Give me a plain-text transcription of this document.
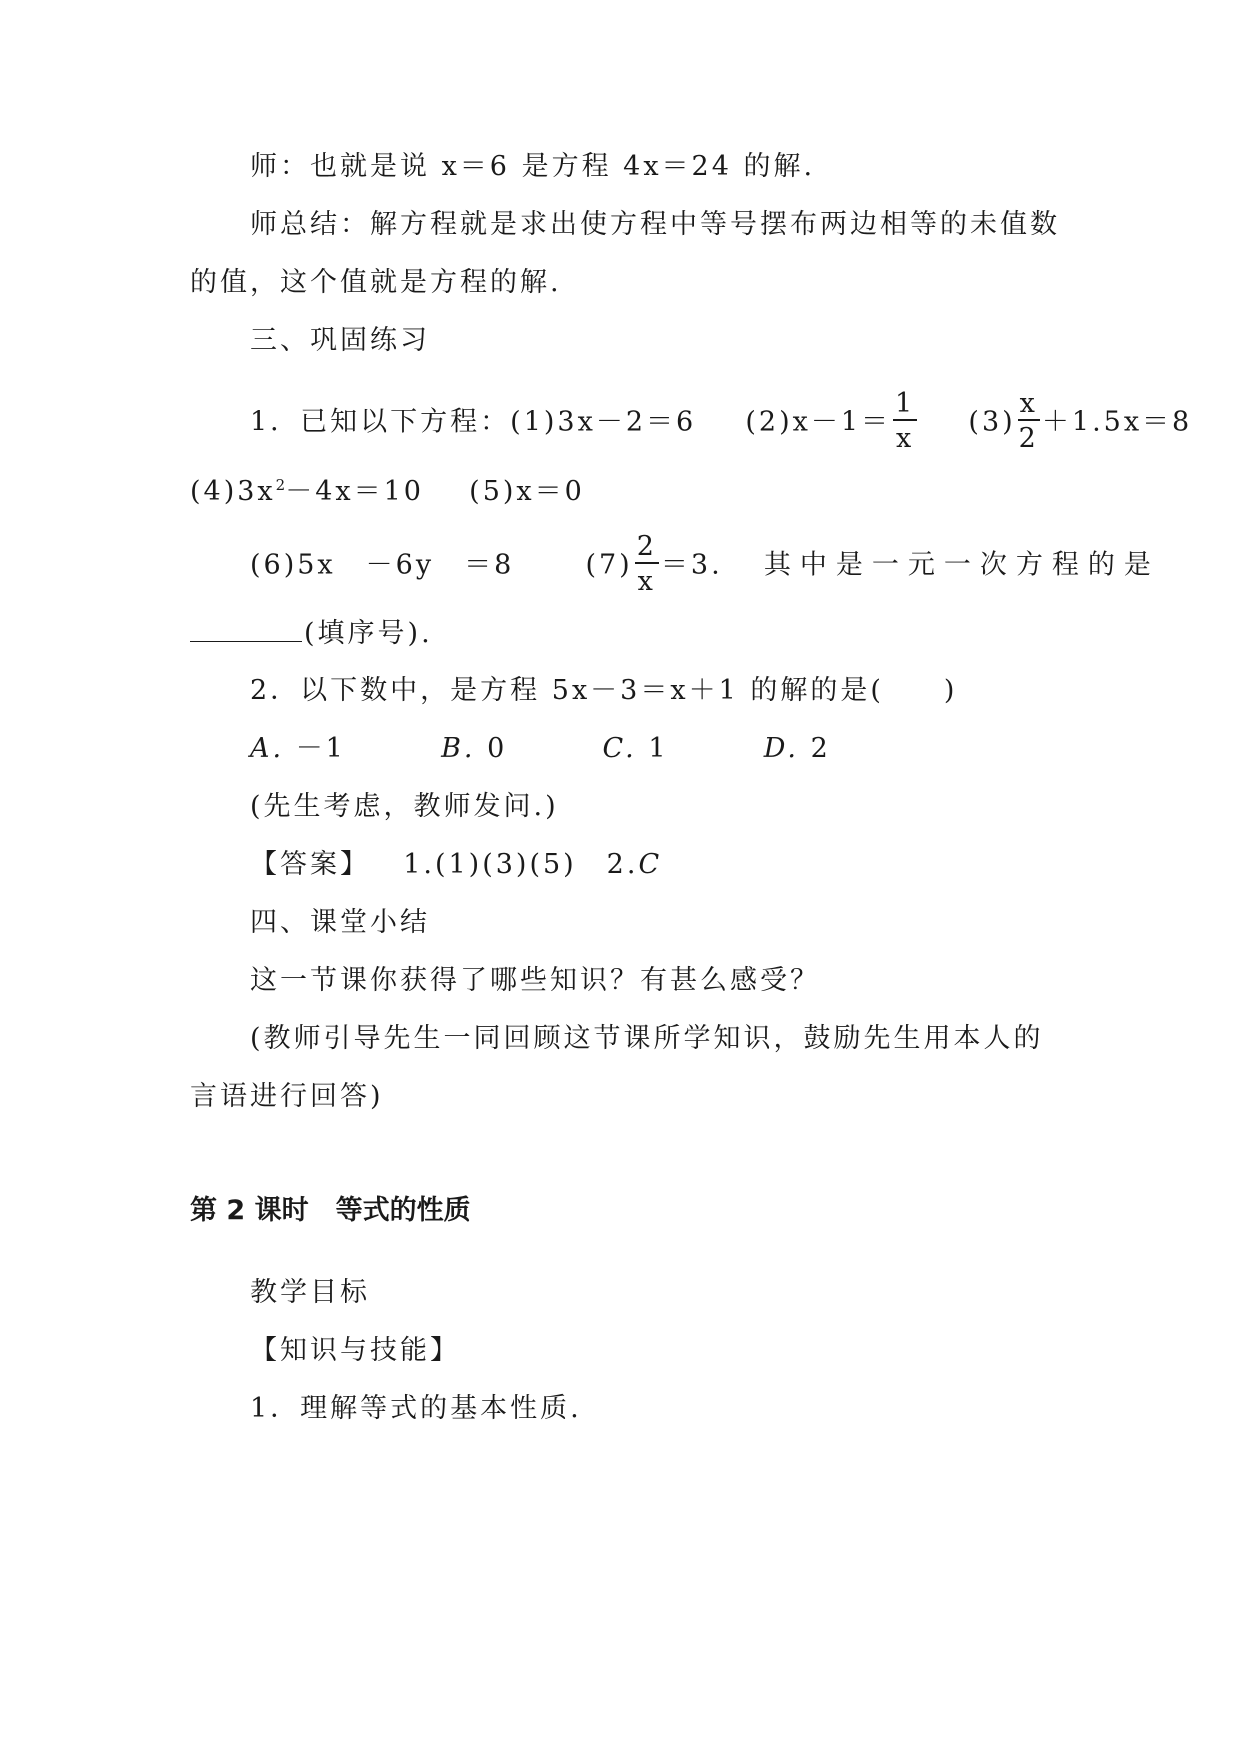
师：也就是说 x＝6 是方程 4x＝24 的解.
师总结：解方程就是求出使方程中等号摆布两边相等的未值数
的值，这个值就是方程的解.
三、巩固练习
1．已知以下方程：(1)3x－2＝6 $(2)x-1= \frac{1}{x} (3) \frac{x}{2} +1.5x=8$
$(4)3x^2-4x=10$ (5)x＝0
(6)5x　－6y　＝8	$(7) \frac{2}{x} =3$. 其中是一元一次方程的是
(填序号).
2．以下数中，是方程 5x－3＝x＋1 的解的是(　　)
A. －1	B. 0	C. 1	D. 2
(先生考虑，教师发问.)
【答案】 1.(1)(3)(5)　2.C
四、课堂小结
这一节课你获得了哪些知识？有甚么感受？
(教师引导先生一同回顾这节课所学知识，鼓励先生用本人的
言语进行回答)
第 2 课时　等式的性质
教学目标
【知识与技能】
1．理解等式的基本性质.
